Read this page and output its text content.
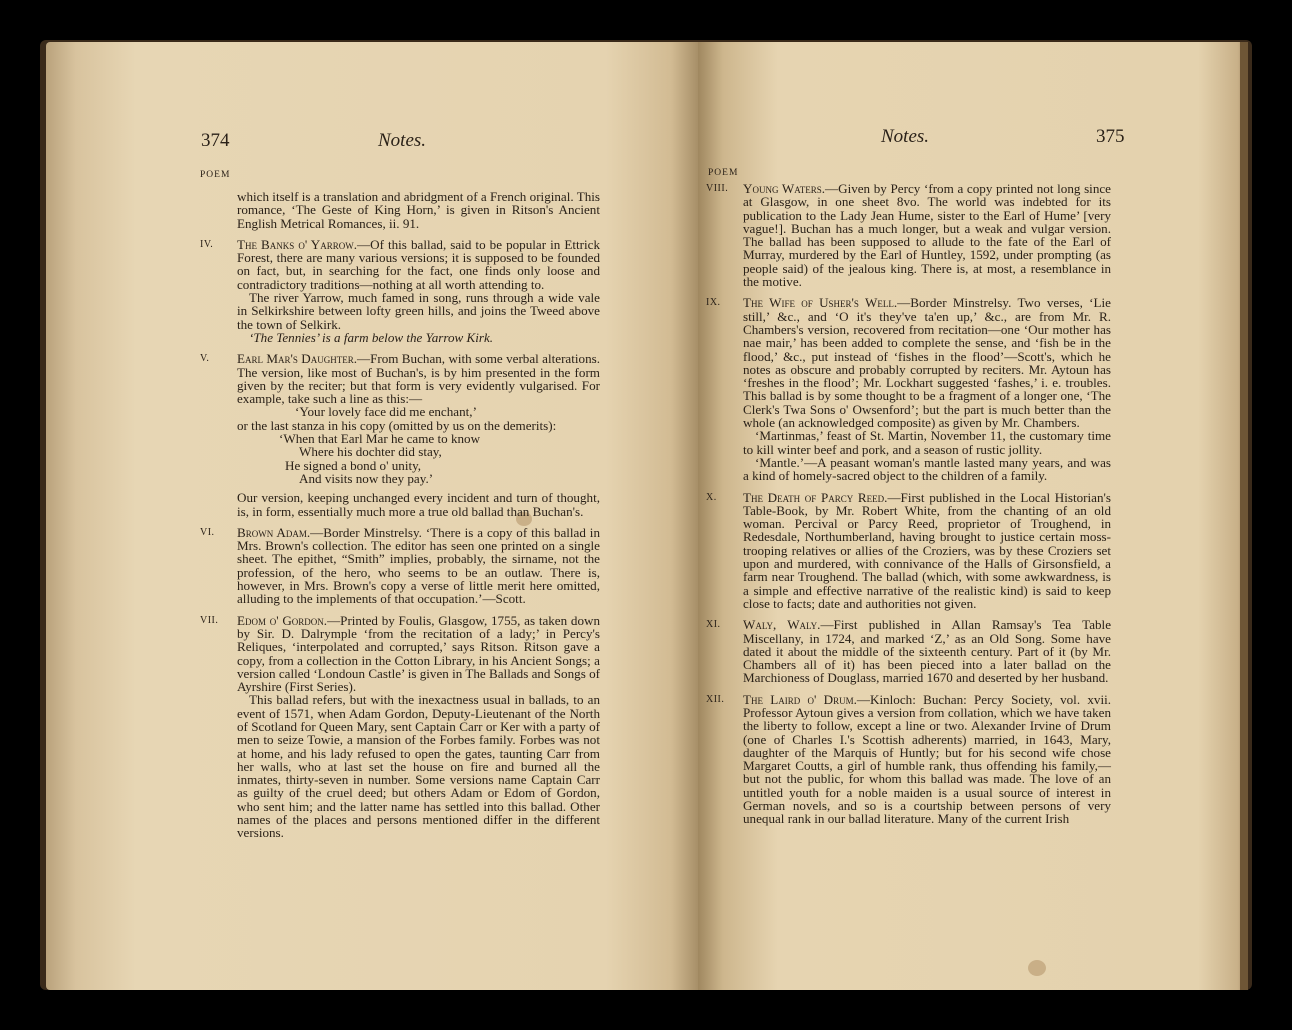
374	Notes.
POEM

which itself is a translation and abridgment of a French original. This romance, ‘The Geste of King Horn,’ is given in Ritson's Ancient English Metrical Romances, ii. 91.

IV. The Banks o' Yarrow.—Of this ballad, said to be popular in Ettrick Forest, there are many various versions; it is supposed to be founded on fact, but, in searching for the fact, one finds only loose and contradictory traditions—nothing at all worth attending to.

The river Yarrow, much famed in song, runs through a wide vale in Selkirkshire between lofty green hills, and joins the Tweed above the town of Selkirk.

‘The Tennies’ is a farm below the Yarrow Kirk.

V. Earl Mar's Daughter.—From Buchan, with some verbal alterations. The version, like most of Buchan's, is by him presented in the form given by the reciter; but that form is very evidently vulgarised. For example, take such a line as this:—

‘Your lovely face did me enchant,’

or the last stanza in his copy (omitted by us on the demerits):

‘When that Earl Mar he came to know

Where his dochter did stay,

He signed a bond o' unity,

And visits now they pay.’

Our version, keeping unchanged every incident and turn of thought, is, in form, essentially much more a true old ballad than Buchan's.

VI. Brown Adam.—Border Minstrelsy. ‘There is a copy of this ballad in Mrs. Brown's collection. The editor has seen one printed on a single sheet. The epithet, “Smith” implies, probably, the sirname, not the profession, of the hero, who seems to be an outlaw. There is, however, in Mrs. Brown's copy a verse of little merit here omitted, alluding to the implements of that occupation.’—Scott.

VII. Edom o' Gordon.—Printed by Foulis, Glasgow, 1755, as taken down by Sir. D. Dalrymple ‘from the recitation of a lady;’ in Percy's Reliques, ‘interpolated and corrupted,’ says Ritson. Ritson gave a copy, from a collection in the Cotton Library, in his Ancient Songs; a version called ‘Londoun Castle’ is given in The Ballads and Songs of Ayrshire (First Series).

This ballad refers, but with the inexactness usual in ballads, to an event of 1571, when Adam Gordon, Deputy-Lieutenant of the North of Scotland for Queen Mary, sent Captain Carr or Ker with a party of men to seize Towie, a mansion of the Forbes family. Forbes was not at home, and his lady refused to open the gates, taunting Carr from her walls, who at last set the house on fire and burned all the inmates, thirty-seven in number. Some versions name Captain Carr as guilty of the cruel deed; but others Adam or Edom of Gordon, who sent him; and the latter name has settled into this ballad. Other names of the places and persons mentioned differ in the different versions.

Notes.	375
POEM
VIII. Young Waters.—Given by Percy ‘from a copy printed not long since at Glasgow, in one sheet 8vo. The world was indebted for its publication to the Lady Jean Hume, sister to the Earl of Hume’ [very vague!]. Buchan has a much longer, but a weak and vulgar version. The ballad has been supposed to allude to the fate of the Earl of Murray, murdered by the Earl of Huntley, 1592, under prompting (as people said) of the jealous king. There is, at most, a resemblance in the motive.

IX. The Wife of Usher's Well.—Border Minstrelsy. Two verses, ‘Lie still,’ &c., and ‘O it's they've ta'en up,’ &c., are from Mr. R. Chambers's version, recovered from recitation—one ‘Our mother has nae mair,’ has been added to complete the sense, and ‘fish be in the flood,’ &c., put instead of ‘fishes in the flood’—Scott's, which he notes as obscure and probably corrupted by reciters. Mr. Aytoun has ‘freshes in the flood’; Mr. Lockhart suggested ‘fashes,’ i. e. troubles. This ballad is by some thought to be a fragment of a longer one, ‘The Clerk's Twa Sons o' Owsenford’; but the part is much better than the whole (an acknowledged composite) as given by Mr. Chambers.

‘Martinmas,’ feast of St. Martin, November 11, the customary time to kill winter beef and pork, and a season of rustic jollity.

‘Mantle.’—A peasant woman's mantle lasted many years, and was a kind of homely-sacred object to the children of a family.

X. The Death of Parcy Reed.—First published in the Local Historian's Table-Book, by Mr. Robert White, from the chanting of an old woman. Percival or Parcy Reed, proprietor of Troughend, in Redesdale, Northumberland, having brought to justice certain moss-trooping relatives or allies of the Croziers, was by these Croziers set upon and murdered, with connivance of the Halls of Girsonsfield, a farm near Troughend. The ballad (which, with some awkwardness, is a simple and effective narrative of the realistic kind) is said to keep close to facts; date and authorities not given.

XI. Waly, Waly.—First published in Allan Ramsay's Tea Table Miscellany, in 1724, and marked ‘Z,’ as an Old Song. Some have dated it about the middle of the sixteenth century. Part of it (by Mr. Chambers all of it) has been pieced into a later ballad on the Marchioness of Douglass, married 1670 and deserted by her husband.

XII. The Laird o' Drum.—Kinloch: Buchan: Percy Society, vol. xvii. Professor Aytoun gives a version from collation, which we have taken the liberty to follow, except a line or two. Alexander Irvine of Drum (one of Charles I.'s Scottish adherents) married, in 1643, Mary, daughter of the Marquis of Huntly; but for his second wife chose Margaret Coutts, a girl of humble rank, thus offending his family,—but not the public, for whom this ballad was made. The love of an untitled youth for a noble maiden is a usual source of interest in German novels, and so is a courtship between persons of very unequal rank in our ballad literature. Many of the current Irish
